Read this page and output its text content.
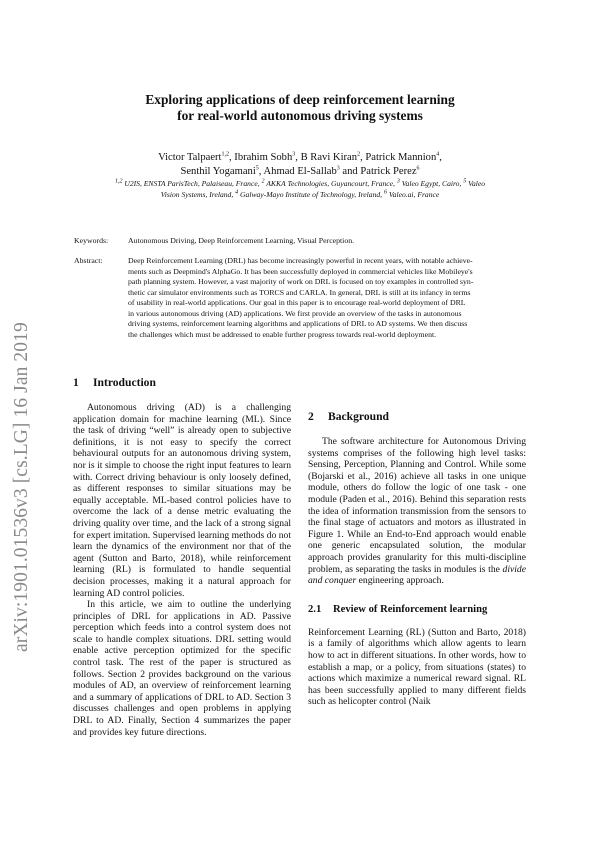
arXiv:1901.01536v3 [cs.LG] 16 Jan 2019
Exploring applications of deep reinforcement learning
for real-world autonomous driving systems
Victor Talpaert$^{1,2}$, Ibrahim Sobh$^3$, B Ravi Kiran$^2$, Patrick Mannion$^4$,
Senthil Yogamani$^5$, Ahmad El-Sallab$^3$ and Patrick Perez$^6$
$^{1,2}$ U2IS, ENSTA ParisTech, Palaiseau, France, $^2$ AKKA Technologies, Guyancourt, France, $^3$ Valeo Egypt, Cairo, $^5$ Valeo
Vision Systems, Ireland, $^4$ Galway-Mayo Institute of Technology, Ireland, $^6$ Valeo.ai, France
Keywords:	Autonomous Driving, Deep Reinforcement Learning, Visual Perception.
Abstract:	Deep Reinforcement Learning (DRL) has become increasingly powerful in recent years, with notable achieve-
ments such as Deepmind's AlphaGo. It has been successfully deployed in commercial vehicles like Mobileye's
path planning system. However, a vast majority of work on DRL is focused on toy examples in controlled syn-
thetic car simulator environments such as TORCS and CARLA. In general, DRL is still at its infancy in terms
of usability in real-world applications. Our goal in this paper is to encourage real-world deployment of DRL
in various autonomous driving (AD) applications. We first provide an overview of the tasks in autonomous
driving systems, reinforcement learning algorithms and applications of DRL to AD systems. We then discuss
the challenges which must be addressed to enable further progress towards real-world deployment.
1 Introduction

Autonomous driving (AD) is a challenging application domain for machine learning (ML). Since the task of driving “well” is already open to subjective definitions, it is not easy to specify the correct behavioural outputs for an autonomous driving system, nor is it simple to choose the right input features to learn with. Correct driving behaviour is only loosely defined, as different responses to similar situations may be equally acceptable. ML-based control policies have to overcome the lack of a dense metric evaluating the driving quality over time, and the lack of a strong signal for expert imitation. Supervised learning methods do not learn the dynamics of the environment nor that of the agent (Sutton and Barto, 2018), while reinforcement learning (RL) is formulated to handle sequential decision processes, making it a natural approach for learning AD control policies.

In this article, we aim to outline the underlying principles of DRL for applications in AD. Passive perception which feeds into a control system does not scale to handle complex situations. DRL setting would enable active perception optimized for the specific control task. The rest of the paper is structured as follows. Section 2 provides background on the various modules of AD, an overview of reinforcement learning and a summary of applications of DRL to AD. Section 3 discusses challenges and open problems in applying DRL to AD. Finally, Section 4 summarizes the paper and provides key future directions.

2 Background

The software architecture for Autonomous Driving systems comprises of the following high level tasks: Sensing, Perception, Planning and Control. While some (Bojarski et al., 2016) achieve all tasks in one unique module, others do follow the logic of one task - one module (Paden et al., 2016). Behind this separation rests the idea of information transmission from the sensors to the final stage of actuators and motors as illustrated in Figure 1. While an End-to-End approach would enable one generic encapsulated solution, the modular approach provides granularity for this multi-discipline problem, as separating the tasks in modules is the divide and conquer engineering approach.

2.1 Review of Reinforcement learning

Reinforcement Learning (RL) (Sutton and Barto, 2018) is a family of algorithms which allow agents to learn how to act in different situations. In other words, how to establish a map, or a policy, from situations (states) to actions which maximize a numerical reward signal. RL has been successfully applied to many different fields such as helicopter control (Naik
